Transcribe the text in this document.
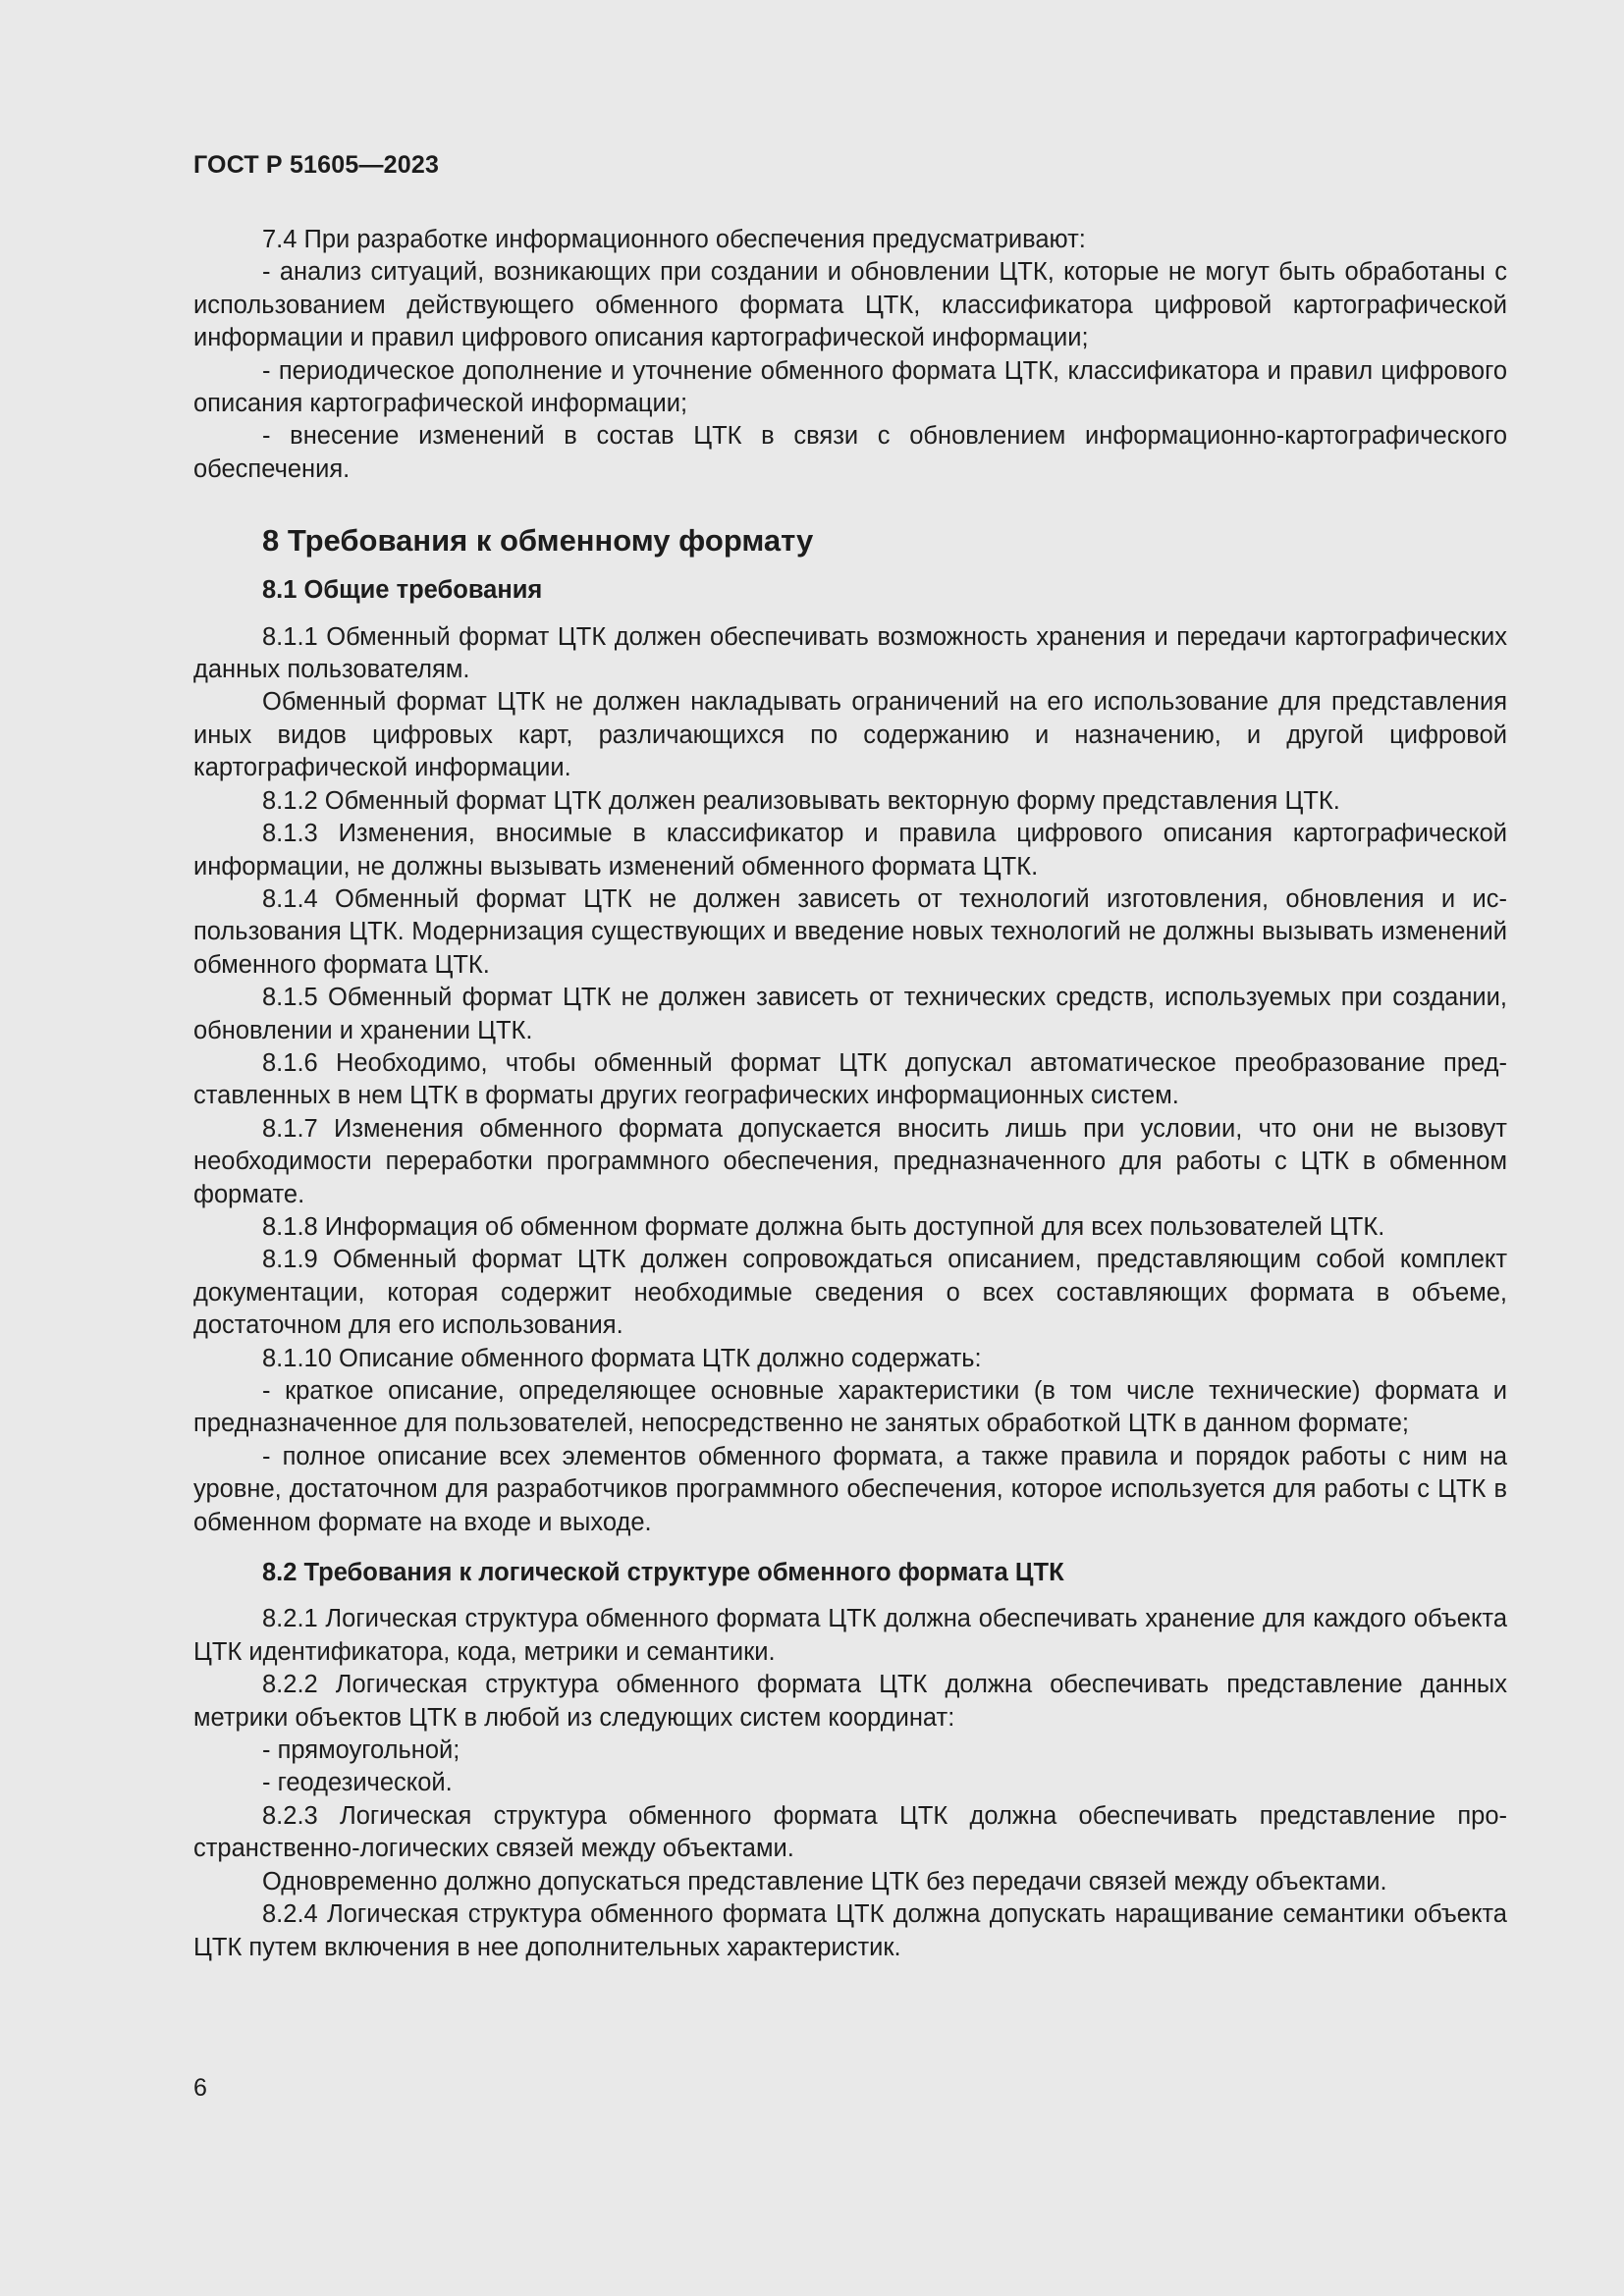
ГОСТ Р 51605—2023

7.4 При разработке информационного обеспечения предусматривают:

- анализ ситуаций, возникающих при создании и обновлении ЦТК, которые не могут быть обработаны с использованием действующего обменного формата ЦТК, классификатора цифровой картографической информации и правил цифрового описания картографической информации;

- периодическое дополнение и уточнение обменного формата ЦТК, классификатора и правил цифрового описания картографической информации;

- внесение изменений в состав ЦТК в связи с обновлением информационно-картографического обеспечения.

8 Требования к обменному формату

8.1 Общие требования

8.1.1 Обменный формат ЦТК должен обеспечивать возможность хранения и передачи картографических данных пользователям.

Обменный формат ЦТК не должен накладывать ограничений на его использование для представления иных видов цифровых карт, различающихся по содержанию и назначению, и другой цифровой картографической информации.

8.1.2 Обменный формат ЦТК должен реализовывать векторную форму представления ЦТК.

8.1.3 Изменения, вносимые в классификатор и правила цифрового описания картографической информации, не должны вызывать изменений обменного формата ЦТК.

8.1.4 Обменный формат ЦТК не должен зависеть от технологий изготовления, обновления и использования ЦТК. Модернизация существующих и введение новых технологий не должны вызывать изменений обменного формата ЦТК.

8.1.5 Обменный формат ЦТК не должен зависеть от технических средств, используемых при создании, обновлении и хранении ЦТК.

8.1.6 Необходимо, чтобы обменный формат ЦТК допускал автоматическое преобразование представленных в нем ЦТК в форматы других географических информационных систем.

8.1.7 Изменения обменного формата допускается вносить лишь при условии, что они не вызовут необходимости переработки программного обеспечения, предназначенного для работы с ЦТК в обменном формате.

8.1.8 Информация об обменном формате должна быть доступной для всех пользователей ЦТК.

8.1.9 Обменный формат ЦТК должен сопровождаться описанием, представляющим собой комплект документации, которая содержит необходимые сведения о всех составляющих формата в объеме, достаточном для его использования.

8.1.10 Описание обменного формата ЦТК должно содержать:

- краткое описание, определяющее основные характеристики (в том числе технические) формата и предназначенное для пользователей, непосредственно не занятых обработкой ЦТК в данном формате;

- полное описание всех элементов обменного формата, а также правила и порядок работы с ним на уровне, достаточном для разработчиков программного обеспечения, которое используется для работы с ЦТК в обменном формате на входе и выходе.

8.2 Требования к логической структуре обменного формата ЦТК

8.2.1 Логическая структура обменного формата ЦТК должна обеспечивать хранение для каждого объекта ЦТК идентификатора, кода, метрики и семантики.

8.2.2 Логическая структура обменного формата ЦТК должна обеспечивать представление данных метрики объектов ЦТК в любой из следующих систем координат:

- прямоугольной;

- геодезической.

8.2.3 Логическая структура обменного формата ЦТК должна обеспечивать представление пространственно-логических связей между объектами.

Одновременно должно допускаться представление ЦТК без передачи связей между объектами.

8.2.4 Логическая структура обменного формата ЦТК должна допускать наращивание семантики объекта ЦТК путем включения в нее дополнительных характеристик.

6
